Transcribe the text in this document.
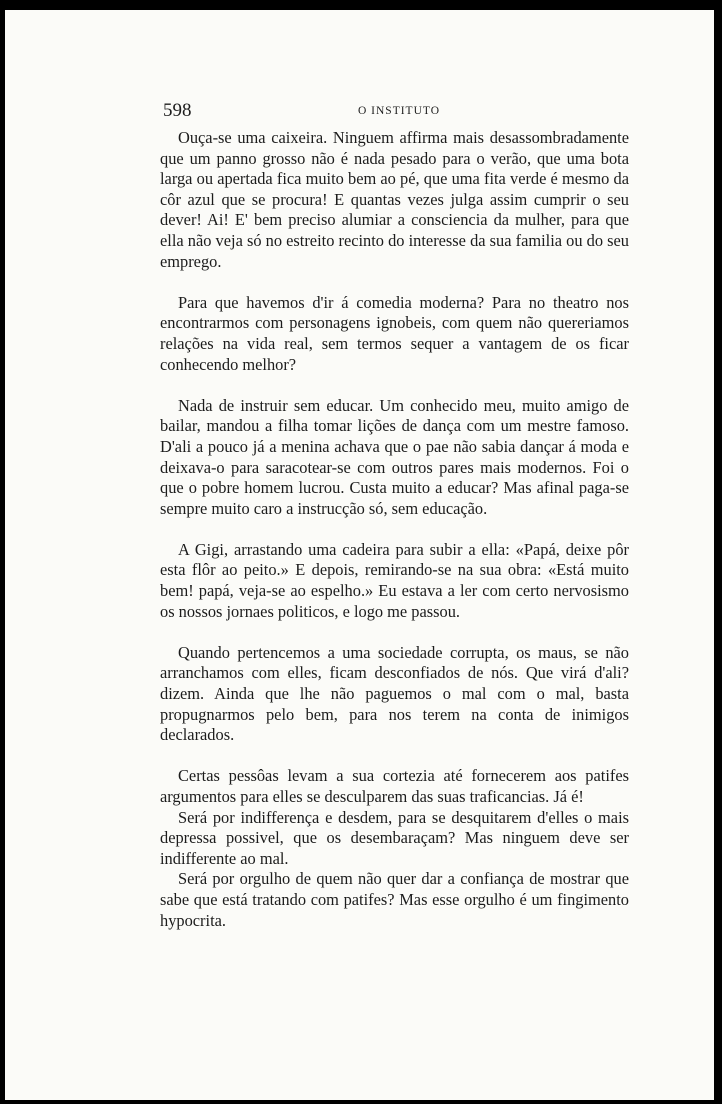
598	O INSTITUTO

Ouça-se uma caixeira. Ninguem affirma mais desassombradamente que um panno grosso não é nada pesado para o verão, que uma bota larga ou apertada fica muito bem ao pé, que uma fita verde é mesmo da côr azul que se procura! E quantas vezes julga assim cumprir o seu dever! Ai! E' bem preciso alumiar a consciencia da mulher, para que ella não veja só no estreito recinto do interesse da sua familia ou do seu emprego.

Para que havemos d'ir á comedia moderna? Para no theatro nos encontrarmos com personagens ignobeis, com quem não quereriamos relações na vida real, sem termos sequer a vantagem de os ficar conhecendo melhor?

Nada de instruir sem educar. Um conhecido meu, muito amigo de bailar, mandou a filha tomar lições de dança com um mestre famoso. D'ali a pouco já a menina achava que o pae não sabia dançar á moda e deixava-o para saracotear-se com outros pares mais modernos. Foi o que o pobre homem lucrou. Custa muito a educar? Mas afinal paga-se sempre muito caro a instrucção só, sem educação.

A Gigi, arrastando uma cadeira para subir a ella: «Papá, deixe pôr esta flôr ao peito.» E depois, remirando-se na sua obra: «Está muito bem! papá, veja-se ao espelho.» Eu estava a ler com certo nervosismo os nossos jornaes politicos, e logo me passou.

Quando pertencemos a uma sociedade corrupta, os maus, se não arranchamos com elles, ficam desconfiados de nós. Que virá d'ali? dizem. Ainda que lhe não paguemos o mal com o mal, basta propugnarmos pelo bem, para nos terem na conta de inimigos declarados.

Certas pessôas levam a sua cortezia até fornecerem aos patifes argumentos para elles se desculparem das suas traficancias. Já é!

Será por indifferença e desdem, para se desquitarem d'elles o mais depressa possivel, que os desembaraçam? Mas ninguem deve ser indifferente ao mal.

Será por orgulho de quem não quer dar a confiança de mostrar que sabe que está tratando com patifes? Mas esse orgulho é um fingimento hypocrita.
